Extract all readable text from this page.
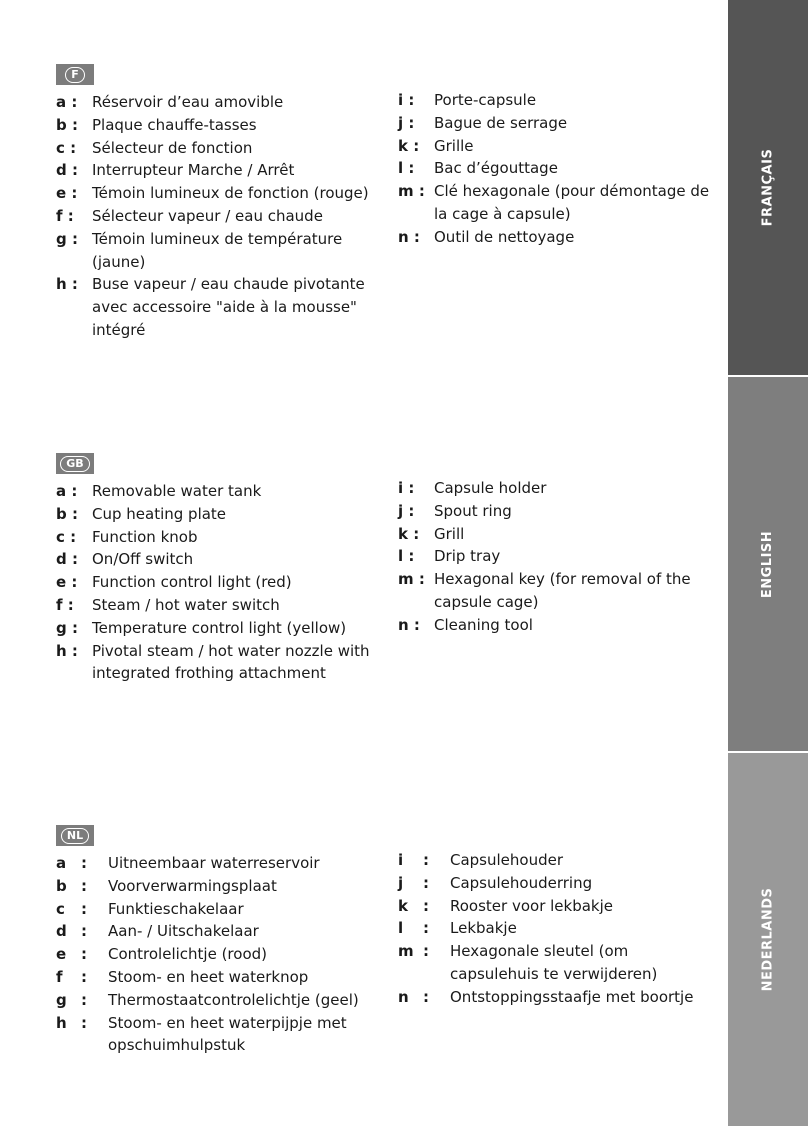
FRANÇAIS
ENGLISH
NEDERLANDS
F
a : Réservoir d’eau amovible
b : Plaque chauffe-tasses
c :	Sélecteur de fonction
d : Interrupteur Marche / Arrêt
e : Témoin lumineux de fonction (rouge)
f :	Sélecteur vapeur / eau chaude
g : Témoin lumineux de température (jaune)
h : Buse vapeur / eau chaude pivotante avec accessoire "aide à la mousse" intégré
i :	Porte-capsule
j :	Bague de serrage
k : Grille
l :	Bac d’égouttage
m : Clé hexagonale (pour démontage de la cage à capsule)
n : Outil de nettoyage
GB
a : Removable water tank
b : Cup heating plate
c :	Function knob
d : On/Off switch
e : Function control light (red)
f :	Steam / hot water switch
g : Temperature control light (yellow)
h : Pivotal steam / hot water nozzle with integrated frothing attachment
i :	Capsule holder
j :	Spout ring
k : Grill
l :	Drip tray
m : Hexagonal key (for removal of the capsule cage)
n : Cleaning tool
NL
a :	Uitneembaar waterreservoir
b :	Voorverwarmingsplaat
c	:	Funktieschakelaar
d :	Aan- / Uitschakelaar
e :	Controlelichtje (rood)
f	:	Stoom- en heet waterknop
g :	Thermostaatcontrolelichtje (geel)
h :	Stoom- en heet waterpijpje met opschuimhulpstuk
i	:	Capsulehouder
j	:	Capsulehouderring
k	:	Rooster voor lekbakje
l	:	Lekbakje
m :	Hexagonale sleutel (om capsulehuis te verwijderen)
n :	Ontstoppingsstaafje met boortje
